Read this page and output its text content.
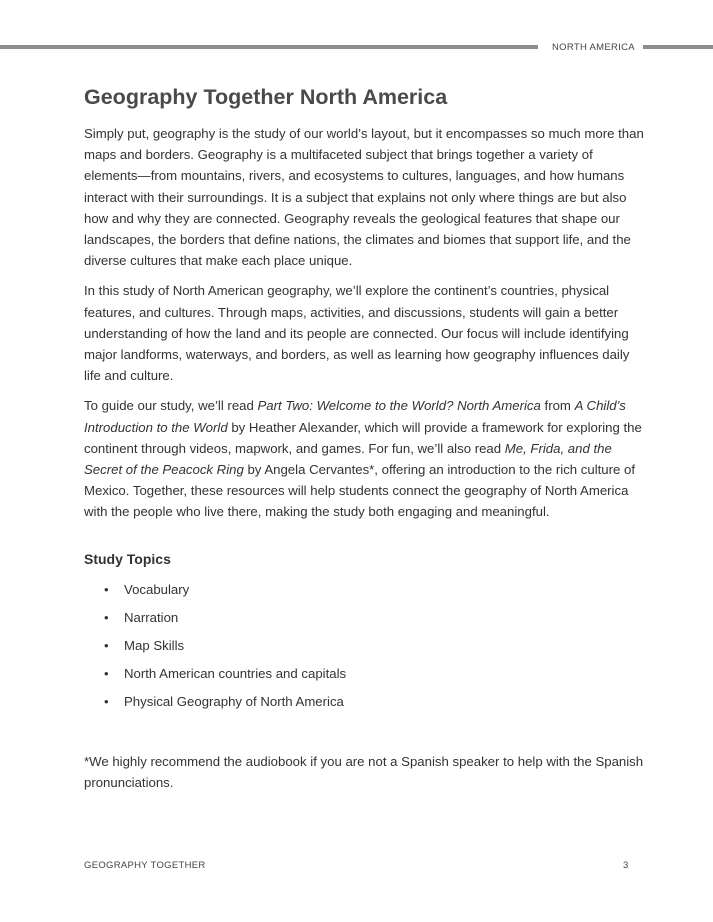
NORTH AMERICA
Geography Together North America

Simply put, geography is the study of our world’s layout, but it encompasses so much more than maps and borders. Geography is a multifaceted subject that brings together a variety of elements—from mountains, rivers, and ecosystems to cultures, languages, and how humans interact with their surroundings. It is a subject that explains not only where things are but also how and why they are connected. Geography reveals the geological features that shape our landscapes, the borders that define nations, the climates and biomes that support life, and the diverse cultures that make each place unique.

In this study of North American geography, we’ll explore the continent’s countries, physical features, and cultures. Through maps, activities, and discussions, students will gain a better understanding of how the land and its people are connected. Our focus will include identifying major landforms, waterways, and borders, as well as learning how geography influences daily life and culture.

To guide our study, we’ll read Part Two: Welcome to the World? North America from A Child’s Introduction to the World by Heather Alexander, which will provide a framework for exploring the continent through videos, mapwork, and games. For fun, we’ll also read Me, Frida, and the Secret of the Peacock Ring by Angela Cervantes*, offering an introduction to the rich culture of Mexico. Together, these resources will help students connect the geography of North America with the people who live there, making the study both engaging and meaningful.

Study Topics
•	Vocabulary
•	Narration
•	Map Skills
•	North American countries and capitals
•	Physical Geography of North America

*We highly recommend the audiobook if you are not a Spanish speaker to help with the Spanish pronunciations.

GEOGRAPHY TOGETHER	3
